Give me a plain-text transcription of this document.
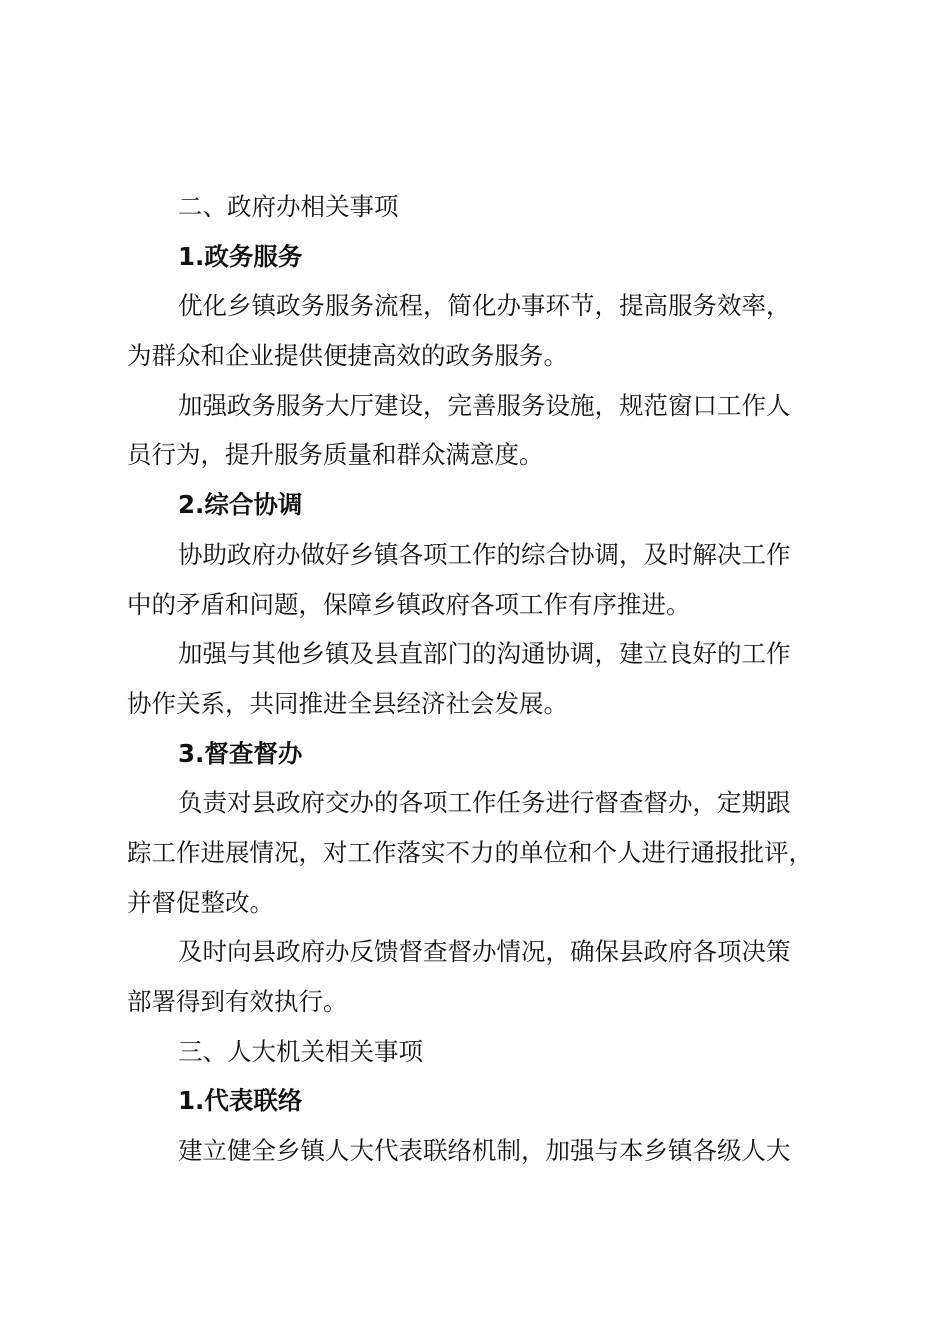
二、政府办相关事项
1.政务服务
优化乡镇政务服务流程，简化办事环节，提高服务效率，
为群众和企业提供便捷高效的政务服务。
加强政务服务大厅建设，完善服务设施，规范窗口工作人
员行为，提升服务质量和群众满意度。
2.综合协调
协助政府办做好乡镇各项工作的综合协调，及时解决工作
中的矛盾和问题，保障乡镇政府各项工作有序推进。
加强与其他乡镇及县直部门的沟通协调，建立良好的工作
协作关系，共同推进全县经济社会发展。
3.督查督办
负责对县政府交办的各项工作任务进行督查督办，定期跟
踪工作进展情况，对工作落实不力的单位和个人进行通报批评，
并督促整改。
及时向县政府办反馈督查督办情况，确保县政府各项决策
部署得到有效执行。
三、人大机关相关事项
1.代表联络
建立健全乡镇人大代表联络机制，加强与本乡镇各级人大
